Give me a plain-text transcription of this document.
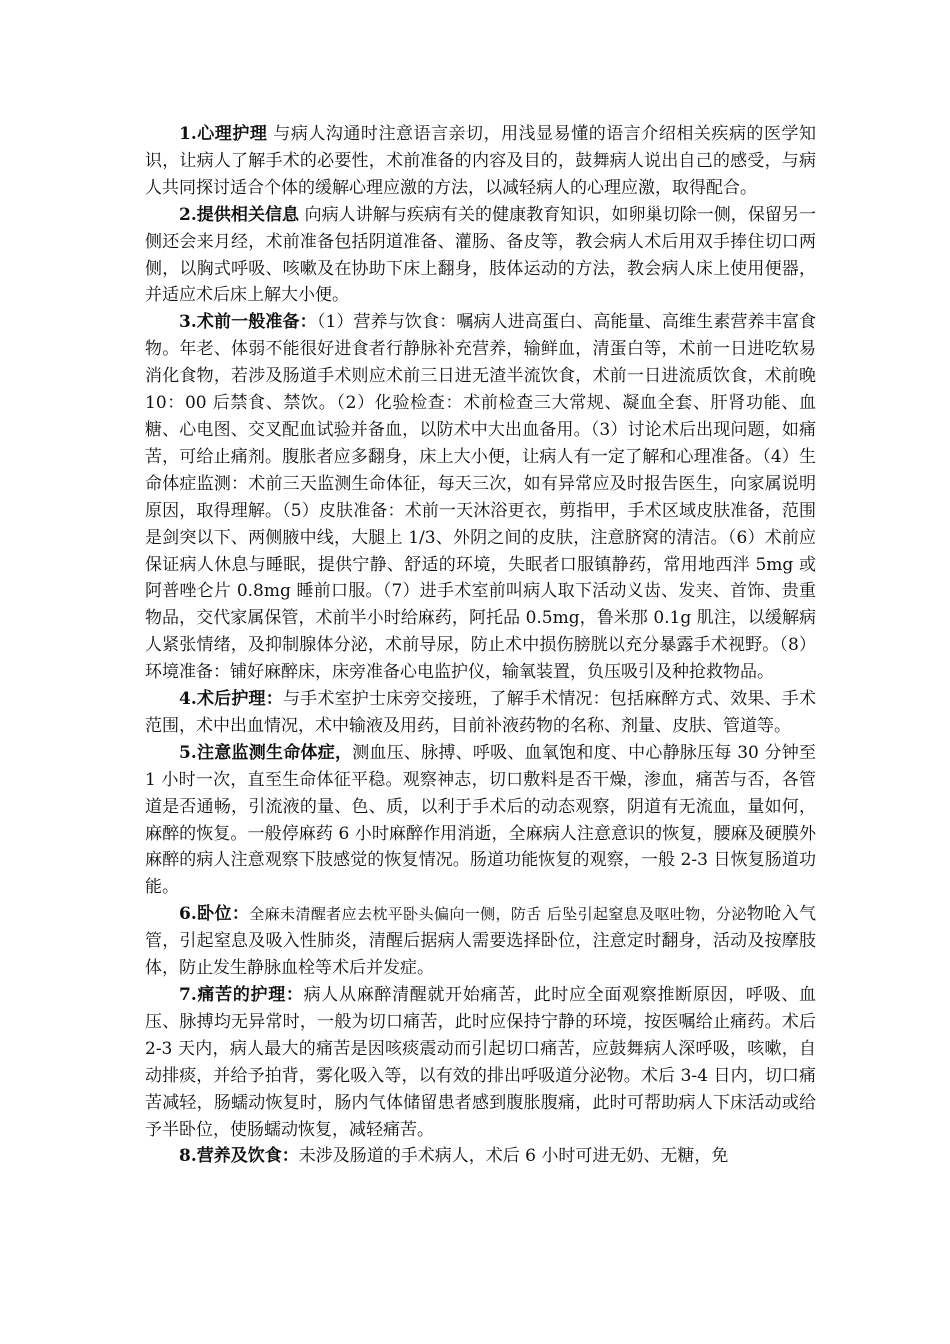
1.心理护理 与病人沟通时注意语言亲切，用浅显易懂的语言介绍相关疾病的医学知识，让病人了解手术的必要性，术前准备的内容及目的，鼓舞病人说出自己的感受，与病人共同探讨适合个体的缓解心理应激的方法，以减轻病人的心理应激，取得配合。

2.提供相关信息 向病人讲解与疾病有关的健康教育知识，如卵巢切除一侧，保留另一侧还会来月经，术前准备包括阴道准备、灌肠、备皮等，教会病人术后用双手捧住切口两侧，以胸式呼吸、咳嗽及在协助下床上翻身，肢体运动的方法，教会病人床上使用便器，并适应术后床上解大小便。

3.术前一般准备：（1）营养与饮食：嘱病人进高蛋白、高能量、高维生素营养丰富食物。年老、体弱不能很好进食者行静脉补充营养，输鲜血，清蛋白等，术前一日进吃软易消化食物，若涉及肠道手术则应术前三日进无渣半流饮食，术前一日进流质饮食，术前晚 10：00 后禁食、禁饮。（2）化验检查：术前检查三大常规、凝血全套、肝肾功能、血糖、心电图、交叉配血试验并备血，以防术中大出血备用。（3）讨论术后出现问题，如痛苦，可给止痛剂。腹胀者应多翻身，床上大小便，让病人有一定了解和心理准备。（4）生命体症监测：术前三天监测生命体征，每天三次，如有异常应及时报告医生，向家属说明原因，取得理解。（5）皮肤准备：术前一天沐浴更衣，剪指甲，手术区域皮肤准备，范围是剑突以下、两侧腋中线，大腿上 1/3、外阴之间的皮肤，注意脐窝的清洁。（6）术前应保证病人休息与睡眠，提供宁静、舒适的环境，失眠者口服镇静药，常用地西泮 5mg 或阿普唑仑片 0.8mg 睡前口服。（7）进手术室前叫病人取下活动义齿、发夹、首饰、贵重物品，交代家属保管，术前半小时给麻药，阿托品 0.5mg，鲁米那 0.1g 肌注，以缓解病人紧张情绪，及抑制腺体分泌，术前导尿，防止术中损伤膀胱以充分暴露手术视野。（8）环境准备：铺好麻醉床，床旁准备心电监护仪，输氧装置，负压吸引及种抢救物品。

4.术后护理：与手术室护士床旁交接班，了解手术情况：包括麻醉方式、效果、手术范围，术中出血情况，术中输液及用药，目前补液药物的名称、剂量、皮肤、管道等。

5.注意监测生命体症，测血压、脉搏、呼吸、血氧饱和度、中心静脉压每 30 分钟至 1 小时一次，直至生命体征平稳。观察神志，切口敷料是否干燥，渗血，痛苦与否，各管道是否通畅，引流液的量、色、质，以利于手术后的动态观察，阴道有无流血，量如何，麻醉的恢复。一般停麻药 6 小时麻醉作用消逝，全麻病人注意意识的恢复，腰麻及硬膜外麻醉的病人注意观察下肢感觉的恢复情况。肠道功能恢复的观察，一般 2-3 日恢复肠道功能。

6.卧位：全麻未清醒者应去枕平卧头偏向一侧，防舌 后坠引起窒息及呕吐物，分泌物呛入气管，引起窒息及吸入性肺炎，清醒后据病人需要选择卧位，注意定时翻身，活动及按摩肢体，防止发生静脉血栓等术后并发症。

7.痛苦的护理：病人从麻醉清醒就开始痛苦，此时应全面观察推断原因，呼吸、血压、脉搏均无异常时，一般为切口痛苦，此时应保持宁静的环境，按医嘱给止痛药。术后 2-3 天内，病人最大的痛苦是因咳痰震动而引起切口痛苦，应鼓舞病人深呼吸，咳嗽，自动排痰，并给予拍背，雾化吸入等，以有效的排出呼吸道分泌物。术后 3-4 日内，切口痛苦减轻，肠蠕动恢复时，肠内气体储留患者感到腹胀腹痛，此时可帮助病人下床活动或给予半卧位，使肠蠕动恢复，减轻痛苦。

8.营养及饮食：未涉及肠道的手术病人，术后 6 小时可进无奶、无糖，免
